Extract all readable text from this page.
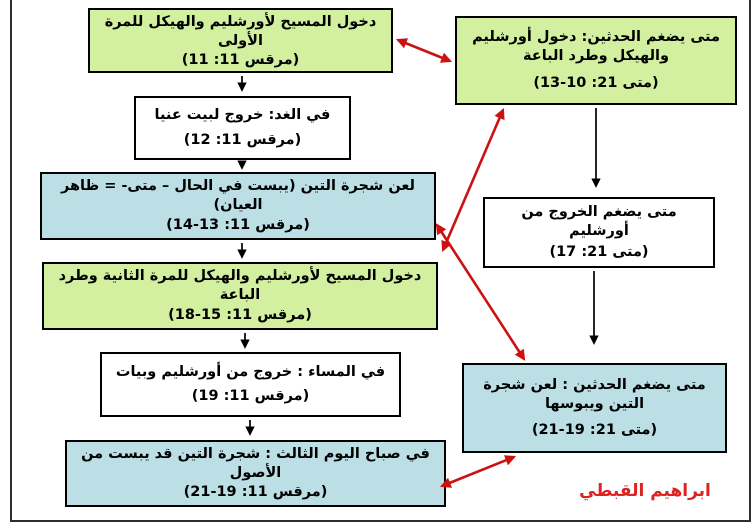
دخول المسيح لأورشليم والهيكل للمرة الأولى
(مرقس 11: 11)
في الغد: خروج لبيت عنيا
(مرقس 11: 12)
لعن شجرة التين (يبست في الحال – متى- = ظاهر العيان)
(مرقس 11: 13‏-‏14)
دخول المسيح لأورشليم والهيكل للمرة الثانية وطرد الباعة
(مرقس 11: 15‏-‏18)
في المساء : خروج من أورشليم وبيات
(مرقس 11: 19)
في صباح اليوم الثالث : شجرة التين قد يبست من الأصول
(مرقس 11: 19‏-‏21)
متى يضغم الحدثين: دخول أورشليم والهيكل وطرد الباعة
(متى 21: 10‏-‏13)
متى يضغم الخروج من أورشليم
(متى 21: 17)
متى يضغم الحدثين : لعن شجرة التين ويبوسها
(متى 21: 19‏-‏21)
ابراهيم القبطي
